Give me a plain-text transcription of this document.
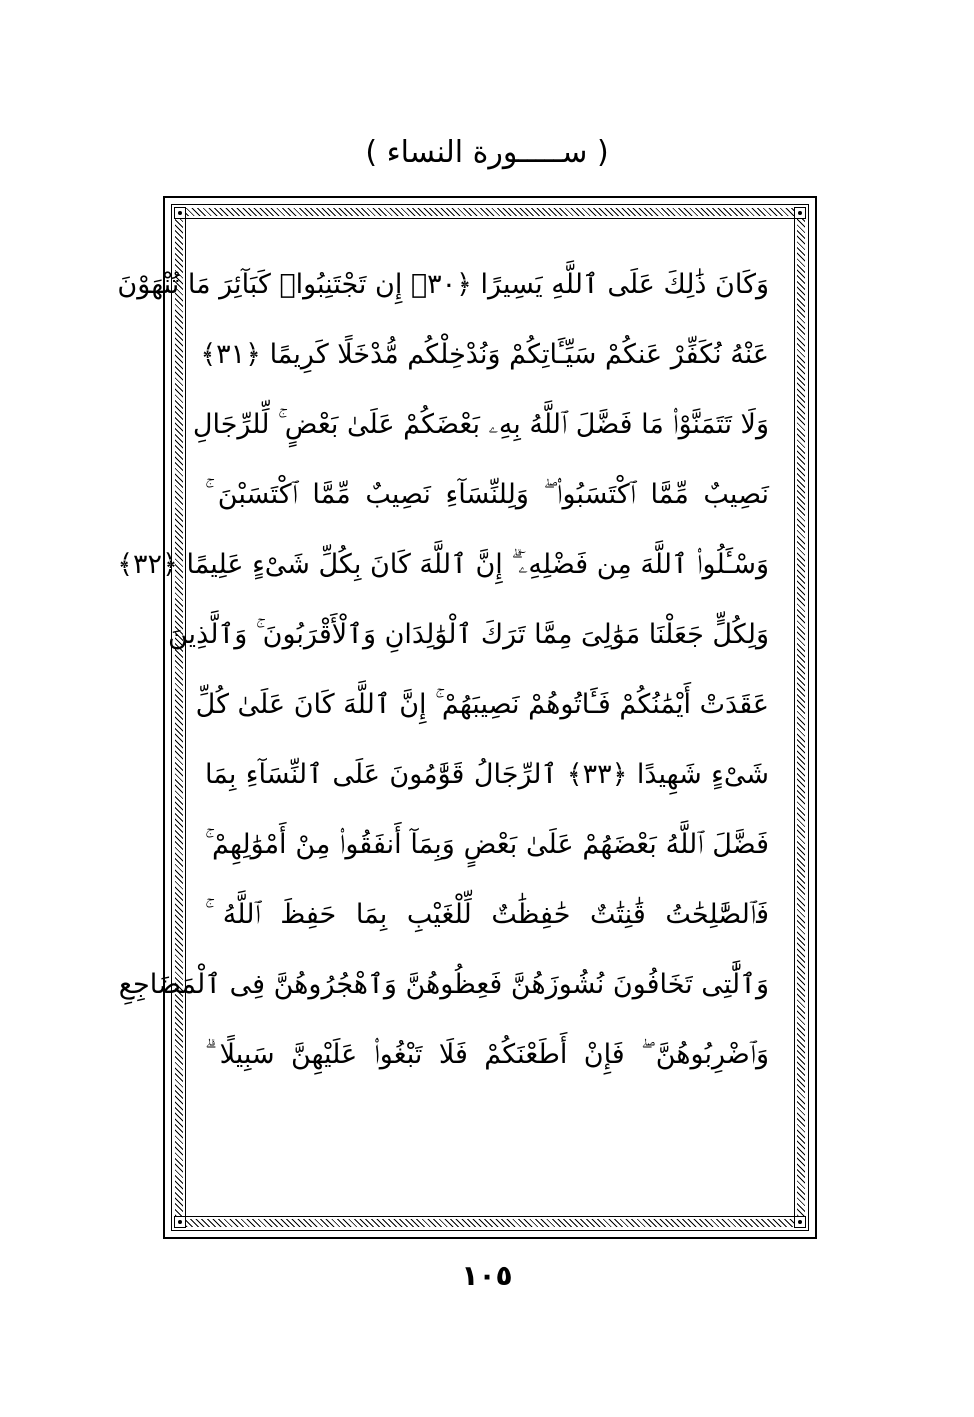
( ســـــورة النساء )
وَكَانَ ذَٰلِكَ عَلَى ٱللَّهِ يَسِيرًا ﴿٣٠﴾ إِن تَجْتَنِبُوا۟ كَبَآئِرَ مَا تُنْهَوْنَ
عَنْهُ نُكَفِّرْ عَنكُمْ سَيِّـَٔاتِكُمْ وَنُدْخِلْكُم مُّدْخَلًا كَرِيمًا ﴿٣١﴾
وَلَا تَتَمَنَّوْا۟ مَا فَضَّلَ ٱللَّهُ بِهِۦ بَعْضَكُمْ عَلَىٰ بَعْضٍ ۚ لِّلرِّجَالِ
نَصِيبٌ مِّمَّا ٱكْتَسَبُوا۟ ۖ وَلِلنِّسَآءِ نَصِيبٌ مِّمَّا ٱكْتَسَبْنَ ۚ
وَسْـَٔلُوا۟ ٱللَّهَ مِن فَضْلِهِۦٓ ۗ إِنَّ ٱللَّهَ كَانَ بِكُلِّ شَىْءٍ عَلِيمًا ﴿٣٢﴾
وَلِكُلٍّ جَعَلْنَا مَوَٰلِىَ مِمَّا تَرَكَ ٱلْوَٰلِدَانِ وَٱلْأَقْرَبُونَ ۚ وَٱلَّذِينَ
عَقَدَتْ أَيْمَٰنُكُمْ فَـَٔاتُوهُمْ نَصِيبَهُمْ ۚ إِنَّ ٱللَّهَ كَانَ عَلَىٰ كُلِّ
شَىْءٍ شَهِيدًا ﴿٣٣﴾ ٱلرِّجَالُ قَوَّٰمُونَ عَلَى ٱلنِّسَآءِ بِمَا
فَضَّلَ ٱللَّهُ بَعْضَهُمْ عَلَىٰ بَعْضٍ وَبِمَآ أَنفَقُوا۟ مِنْ أَمْوَٰلِهِمْ ۚ
فَٱلصَّٰلِحَٰتُ قَٰنِتَٰتٌ حَٰفِظَٰتٌ لِّلْغَيْبِ بِمَا حَفِظَ ٱللَّهُ ۚ
وَٱلَّٰتِى تَخَافُونَ نُشُوزَهُنَّ فَعِظُوهُنَّ وَٱهْجُرُوهُنَّ فِى ٱلْمَضَاجِعِ
وَٱضْرِبُوهُنَّ ۖ فَإِنْ أَطَعْنَكُمْ فَلَا تَبْغُوا۟ عَلَيْهِنَّ سَبِيلًا ۗ
١٠٥
